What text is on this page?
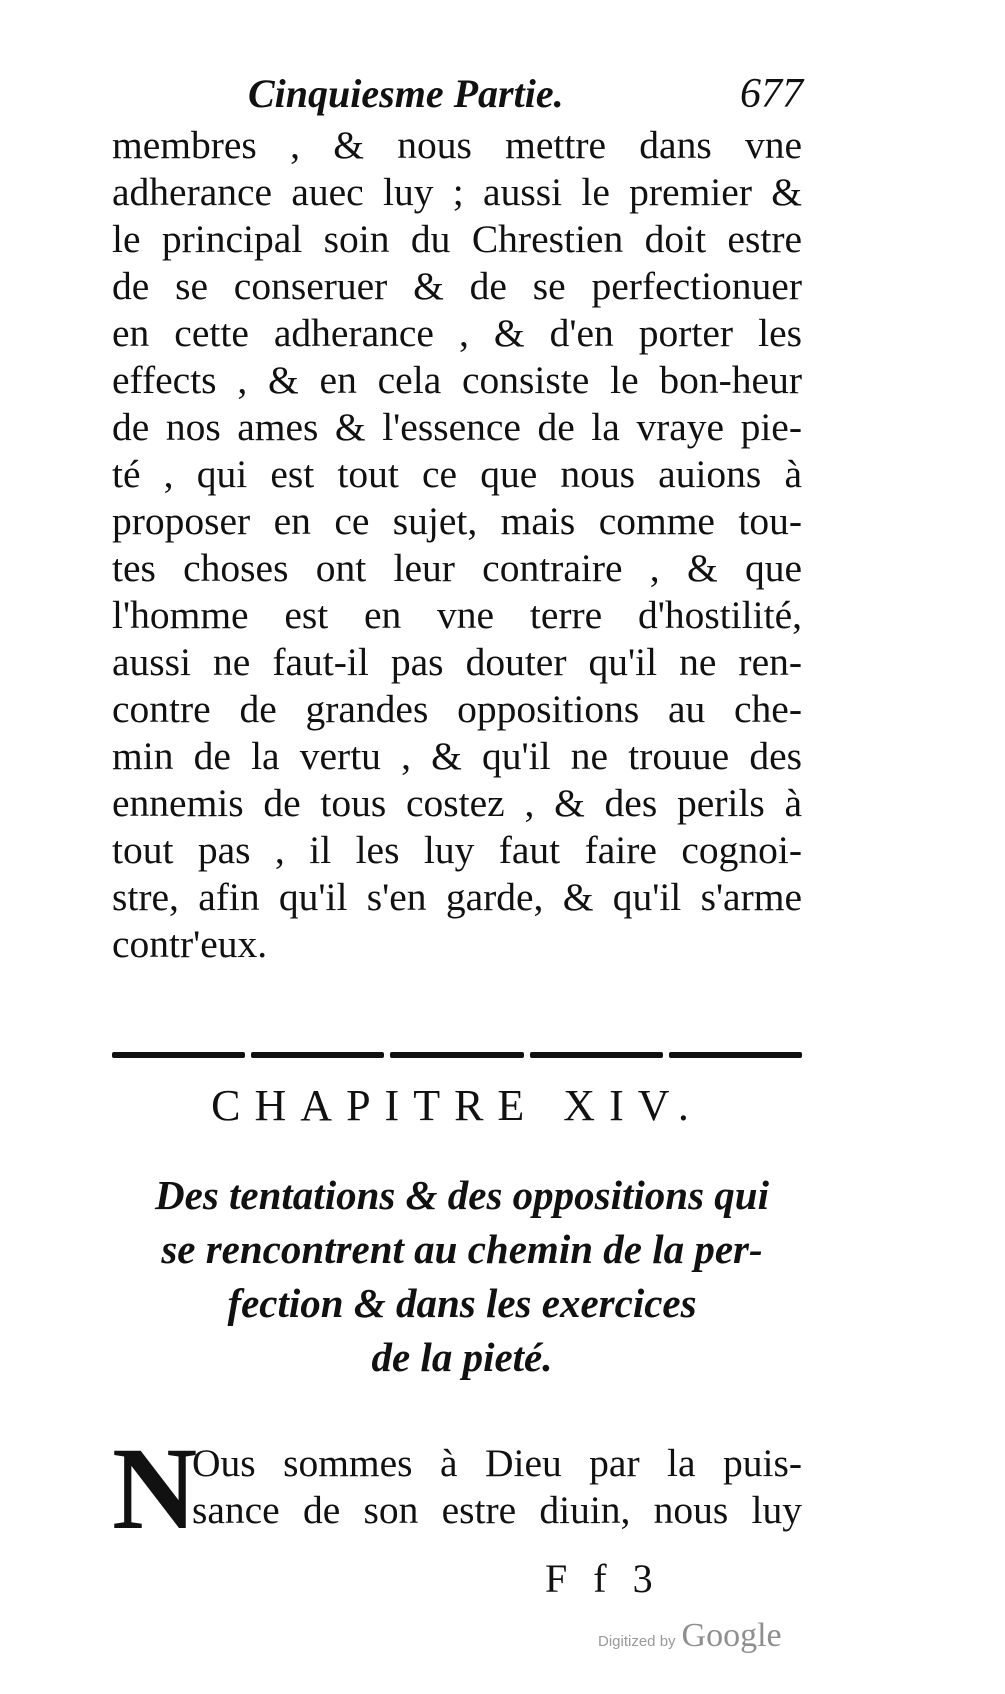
Cinquiesme Partie.	677
membres , & nous mettre dans vne
adherance auec luy ; aussi le premier &
le principal soin du Chrestien doit estre
de se conseruer & de se perfectionuer
en cette adherance , & d'en porter les
effects , & en cela consiste le bon-heur
de nos ames & l'essence de la vraye pie-
té , qui est tout ce que nous auions à
proposer en ce sujet, mais comme tou-
tes choses ont leur contraire , & que
l'homme est en vne terre d'hostilité,
aussi ne faut-il pas douter qu'il ne ren-
contre de grandes oppositions au che-
min de la vertu , & qu'il ne trouue des
ennemis de tous costez , & des perils à
tout pas , il les luy faut faire cognoi-
stre, afin qu'il s'en garde, & qu'il s'arme
contr'eux.
CHAPITRE XIV.
Des tentations & des oppositions qui
se rencontrent au chemin de la per-
fection & dans les exercices
de la pieté.
N
Ous sommes à Dieu par la puis-
sance de son estre diuin, nous luy
F f 3
Digitized by Google
